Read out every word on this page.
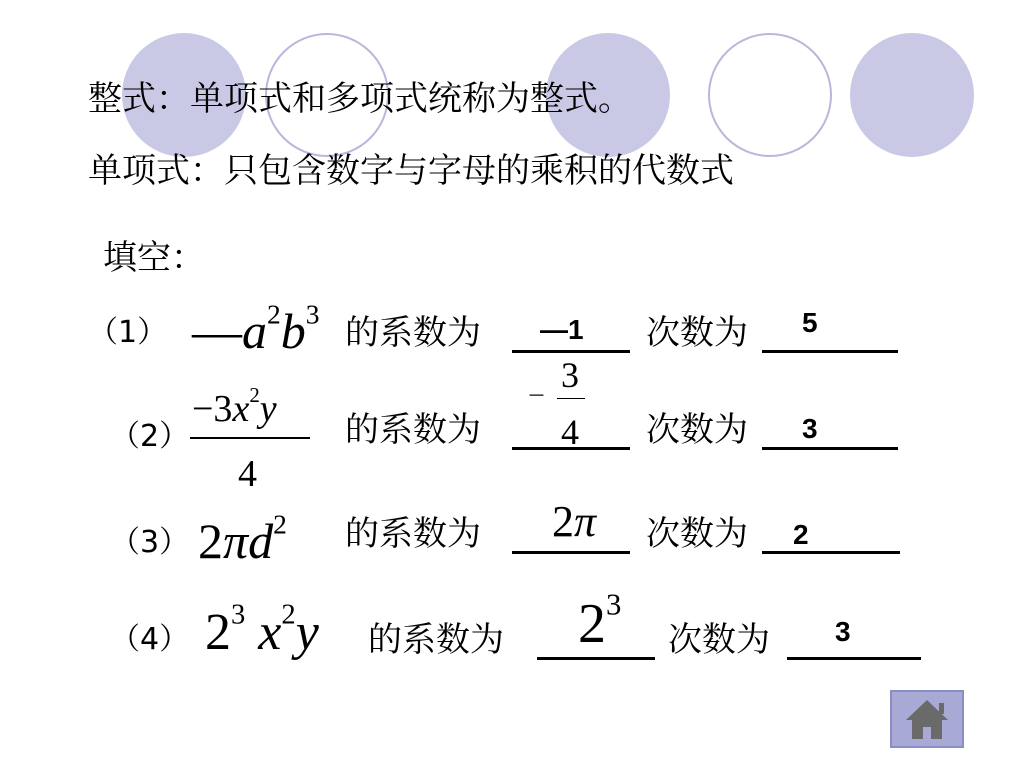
整式：单项式和多项式统称为整式。
单项式：只包含数字与字母的乘积的代数式
填空：
（1） $—a^2b^3$ 的系数为 —1 次数为 5
（2）
$-3x^2y$
4
的系数为
−
3
4 次数为 3
（3） $2\pi d^2$ 的系数为 2π 次数为 2
（4） $2^3$ $x^2y$ 的系数为 $2^3$
次数为 3
